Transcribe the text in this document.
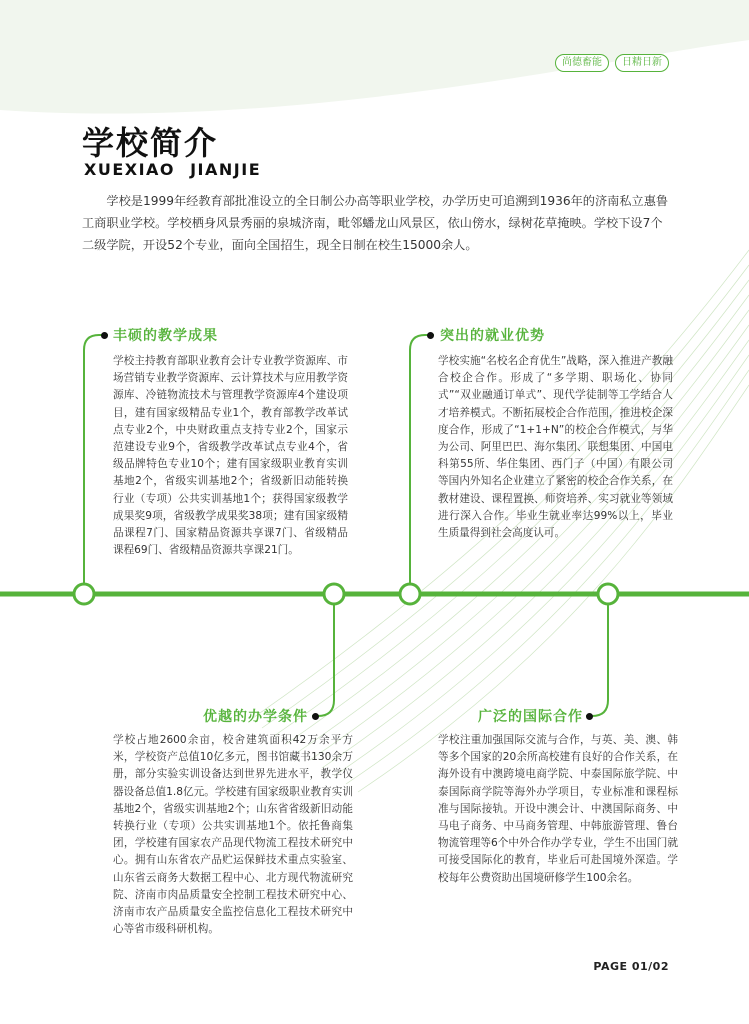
尚德畜能	日精日新
学校简介
XUEXIAO JIANJIE
学校是1999年经教育部批准设立的全日制公办高等职业学校，办学历史可追溯到1936年的济南私立惠鲁工商职业学校。学校栖身风景秀丽的泉城济南，毗邻蟠龙山风景区，依山傍水，绿树花草掩映。学校下设7个二级学院，开设52个专业，面向全国招生，现全日制在校生15000余人。
丰硕的教学成果
学校主持教育部职业教育会计专业教学资源库、市场营销专业教学资源库、云计算技术与应用教学资源库、冷链物流技术与管理教学资源库4个建设项目，建有国家级精品专业1个，教育部教学改革试点专业2个，中央财政重点支持专业2个，国家示范建设专业9个，省级教学改革试点专业4个，省级品牌特色专业10个；建有国家级职业教育实训基地2个，省级实训基地2个；省级新旧动能转换行业（专项）公共实训基地1个；获得国家级教学成果奖9项，省级教学成果奖38项；建有国家级精品课程7门、国家精品资源共享课7门、省级精品课程69门、省级精品资源共享课21门。
突出的就业优势
学校实施“名校名企育优生”战略，深入推进产教融合校企合作。形成了“多学期、职场化、协同式”“双业融通订单式”、现代学徒制等工学结合人才培养模式。不断拓展校企合作范围，推进校企深度合作，形成了“1+1+N”的校企合作模式，与华为公司、阿里巴巴、海尔集团、联想集团、中国电科第55所、华住集团、西门子（中国）有限公司等国内外知名企业建立了紧密的校企合作关系，在教材建设、课程置换、师资培养、实习就业等领域进行深入合作。毕业生就业率达99%以上，毕业生质量得到社会高度认可。
优越的办学条件
学校占地2600余亩，校舍建筑面积42万余平方米，学校资产总值10亿多元，图书馆藏书130余万册，部分实验实训设备达到世界先进水平，教学仪器设备总值1.8亿元。学校建有国家级职业教育实训基地2个，省级实训基地2个；山东省省级新旧动能转换行业（专项）公共实训基地1个。依托鲁商集团，学校建有国家农产品现代物流工程技术研究中心。拥有山东省农产品贮运保鲜技术重点实验室、山东省云商务大数据工程中心、北方现代物流研究院、济南市肉品质量安全控制工程技术研究中心、济南市农产品质量安全监控信息化工程技术研究中心等省市级科研机构。
广泛的国际合作
学校注重加强国际交流与合作，与英、美、澳、韩等多个国家的20余所高校建有良好的合作关系，在海外设有中澳跨境电商学院、中泰国际旅学院、中泰国际商学院等海外办学项目，专业标准和课程标准与国际接轨。开设中澳会计、中澳国际商务、中马电子商务、中马商务管理、中韩旅游管理、鲁台物流管理等6个中外合作办学专业，学生不出国门就可接受国际化的教育，毕业后可赴国境外深造。学校每年公费资助出国境研修学生100余名。
PAGE 01/02
